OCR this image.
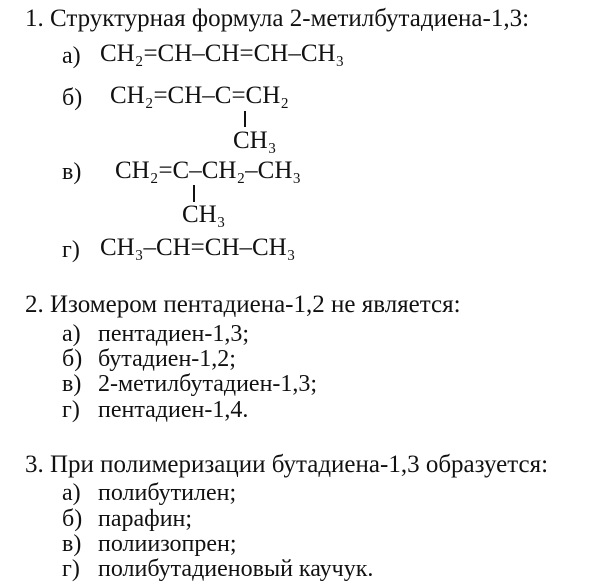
1. Структурная формула 2-метилбутадиена-1,3:
а) CH₂=CH–CH=CH–CH₃
б) CH₂=CH–C=CH₂
CH₃
в) CH₂=C–CH₂–CH₃
CH₃
г) CH₃–CH=CH–CH₃
2. Изомером пентадиена-1,2 не является:
а) пентадиен-1,3;
б) бутадиен-1,2;
в) 2-метилбутадиен-1,3;
г) пентадиен-1,4.
3. При полимеризации бутадиена-1,3 образуется:
а) полибутилен;
б) парафин;
в) полиизопрен;
г) полибутадиеновый каучук.
